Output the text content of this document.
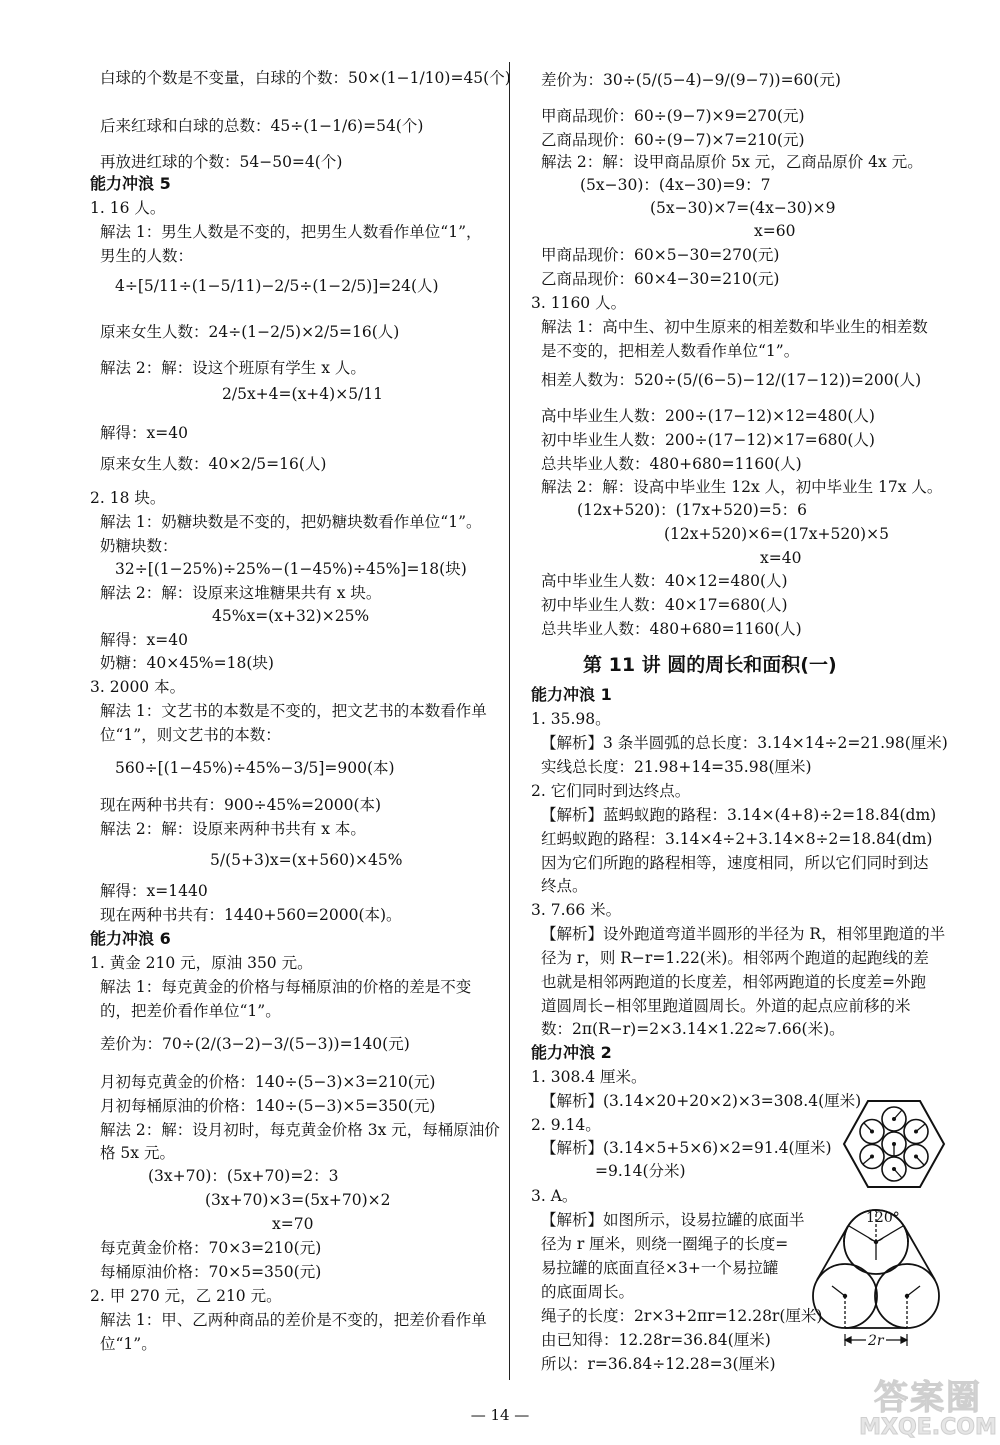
白球的个数是不变量，白球的个数：50×(1−1/10)=45(个)
后来红球和白球的总数：45÷(1−1/6)=54(个)
再放进红球的个数：54−50=4(个)
能力冲浪 5
1. 16 人。
解法 1：男生人数是不变的，把男生人数看作单位“1”，
男生的人数：
4÷[5/11÷(1−5/11)−2/5÷(1−2/5)]=24(人)
原来女生人数：24÷(1−2/5)×2/5=16(人)
解法 2：解：设这个班原有学生 x 人。
2/5x+4=(x+4)×5/11
解得：x=40
原来女生人数：40×2/5=16(人)
2. 18 块。
解法 1：奶糖块数是不变的，把奶糖块数看作单位“1”。
奶糖块数：
32÷[(1−25%)÷25%−(1−45%)÷45%]=18(块)
解法 2：解：设原来这堆糖果共有 x 块。
45%x=(x+32)×25%
解得：x=40
奶糖：40×45%=18(块)
3. 2000 本。
解法 1：文艺书的本数是不变的，把文艺书的本数看作单
位“1”，则文艺书的本数：
560÷[(1−45%)÷45%−3/5]=900(本)
现在两种书共有：900÷45%=2000(本)
解法 2：解：设原来两种书共有 x 本。
5/(5+3)x=(x+560)×45%
解得：x=1440
现在两种书共有：1440+560=2000(本)。
能力冲浪 6
1. 黄金 210 元，原油 350 元。
解法 1：每克黄金的价格与每桶原油的价格的差是不变
的，把差价看作单位“1”。
差价为：70÷(2/(3−2)−3/(5−3))=140(元)
月初每克黄金的价格：140÷(5−3)×3=210(元)
月初每桶原油的价格：140÷(5−3)×5=350(元)
解法 2：解：设月初时，每克黄金价格 3x 元，每桶原油价
格 5x 元。
(3x+70)：(5x+70)=2：3
(3x+70)×3=(5x+70)×2
x=70
每克黄金价格：70×3=210(元)
每桶原油价格：70×5=350(元)
2. 甲 270 元，乙 210 元。
解法 1：甲、乙两种商品的差价是不变的，把差价看作单
位“1”。
差价为：30÷(5/(5−4)−9/(9−7))=60(元)
甲商品现价：60÷(9−7)×9=270(元)
乙商品现价：60÷(9−7)×7=210(元)
解法 2：解：设甲商品原价 5x 元，乙商品原价 4x 元。
(5x−30)：(4x−30)=9：7
(5x−30)×7=(4x−30)×9
x=60
甲商品现价：60×5−30=270(元)
乙商品现价：60×4−30=210(元)
3. 1160 人。
解法 1：高中生、初中生原来的相差数和毕业生的相差数
是不变的，把相差人数看作单位“1”。
相差人数为：520÷(5/(6−5)−12/(17−12))=200(人)
高中毕业生人数：200÷(17−12)×12=480(人)
初中毕业生人数：200÷(17−12)×17=680(人)
总共毕业人数：480+680=1160(人)
解法 2：解：设高中毕业生 12x 人，初中毕业生 17x 人。
(12x+520)：(17x+520)=5：6
(12x+520)×6=(17x+520)×5
x=40
高中毕业生人数：40×12=480(人)
初中毕业生人数：40×17=680(人)
总共毕业人数：480+680=1160(人)
第 11 讲 圆的周长和面积(一)
能力冲浪 1
1. 35.98。
【解析】3 条半圆弧的总长度：3.14×14÷2=21.98(厘米)
实线总长度：21.98+14=35.98(厘米)
2. 它们同时到达终点。
【解析】蓝蚂蚁跑的路程：3.14×(4+8)÷2=18.84(dm)
红蚂蚁跑的路程：3.14×4÷2+3.14×8÷2=18.84(dm)
因为它们所跑的路程相等，速度相同，所以它们同时到达
终点。
3. 7.66 米。
【解析】设外跑道弯道半圆形的半径为 R，相邻里跑道的半
径为 r，则 R−r=1.22(米)。相邻两个跑道的起跑线的差
也就是相邻两跑道的长度差，相邻两跑道的长度差=外跑
道圆周长−相邻里跑道圆周长。外道的起点应前移的米
数：2π(R−r)=2×3.14×1.22≈7.66(米)。
能力冲浪 2
1. 308.4 厘米。
【解析】(3.14×20+20×2)×3=308.4(厘米)
2. 9.14。
【解析】(3.14×5+5×6)×2=91.4(厘米)
=9.14(分米)
3. A。
【解析】如图所示，设易拉罐的底面半
径为 r 厘米，则绕一圈绳子的长度=
易拉罐的底面直径×3+一个易拉罐
的底面周长。
绳子的长度：2r×3+2πr=12.28r(厘米)
由已知得：12.28r=36.84(厘米)
所以：r=36.84÷12.28=3(厘米)
120°
2r
— 14 —	答案圈
MXQE.COM
